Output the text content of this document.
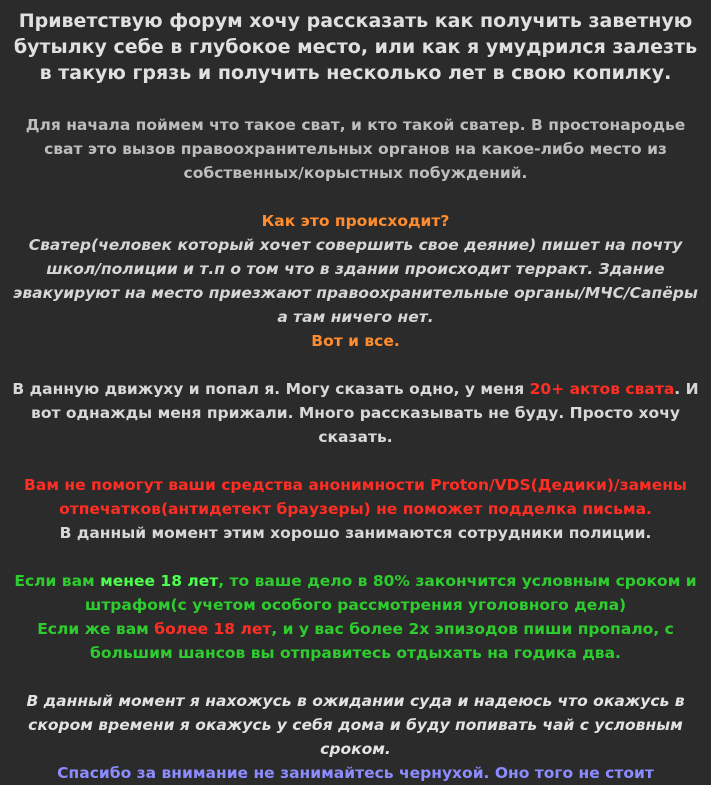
Приветствую форум хочу рассказать как получить заветную бутылку себе в глубокое место, или как я умудрился залезть в такую грязь и получить несколько лет в свою копилку.

Для начала поймем что такое сват, и кто такой сватер. В простонародье сват это вызов правоохранительных органов на какое-либо место из собственных/корыстных побуждений.

Как это происходит?

Сватер(человек который хочет совершить свое деяние) пишет на почту школ/полиции и т.п о том что в здании происходит терракт. Здание эвакуируют на место приезжают правоохранительные органы/МЧС/Сапёры а там ничего нет.

Вот и все.

В данную движуху и попал я. Могу сказать одно, у меня 20+ актов свата. И вот однажды меня прижали. Много рассказывать не буду. Просто хочу сказать.

Вам не помогут ваши средства анонимности Proton/VDS(Дедики)/замены отпечатков(антидетект браузеры) не поможет подделка письма.

В данный момент этим хорошо занимаются сотрудники полиции.

Если вам менее 18 лет, то ваше дело в 80% закончится условным сроком и штрафом(с учетом особого рассмотрения уголовного дела)

Если же вам более 18 лет, и у вас более 2х эпизодов пиши пропало, с большим шансов вы отправитесь отдыхать на годика два.

В данный момент я нахожусь в ожидании суда и надеюсь что окажусь в скором времени я окажусь у себя дома и буду попивать чай с условным сроком.

Спасибо за внимание не занимайтесь чернухой. Оно того не стоит
